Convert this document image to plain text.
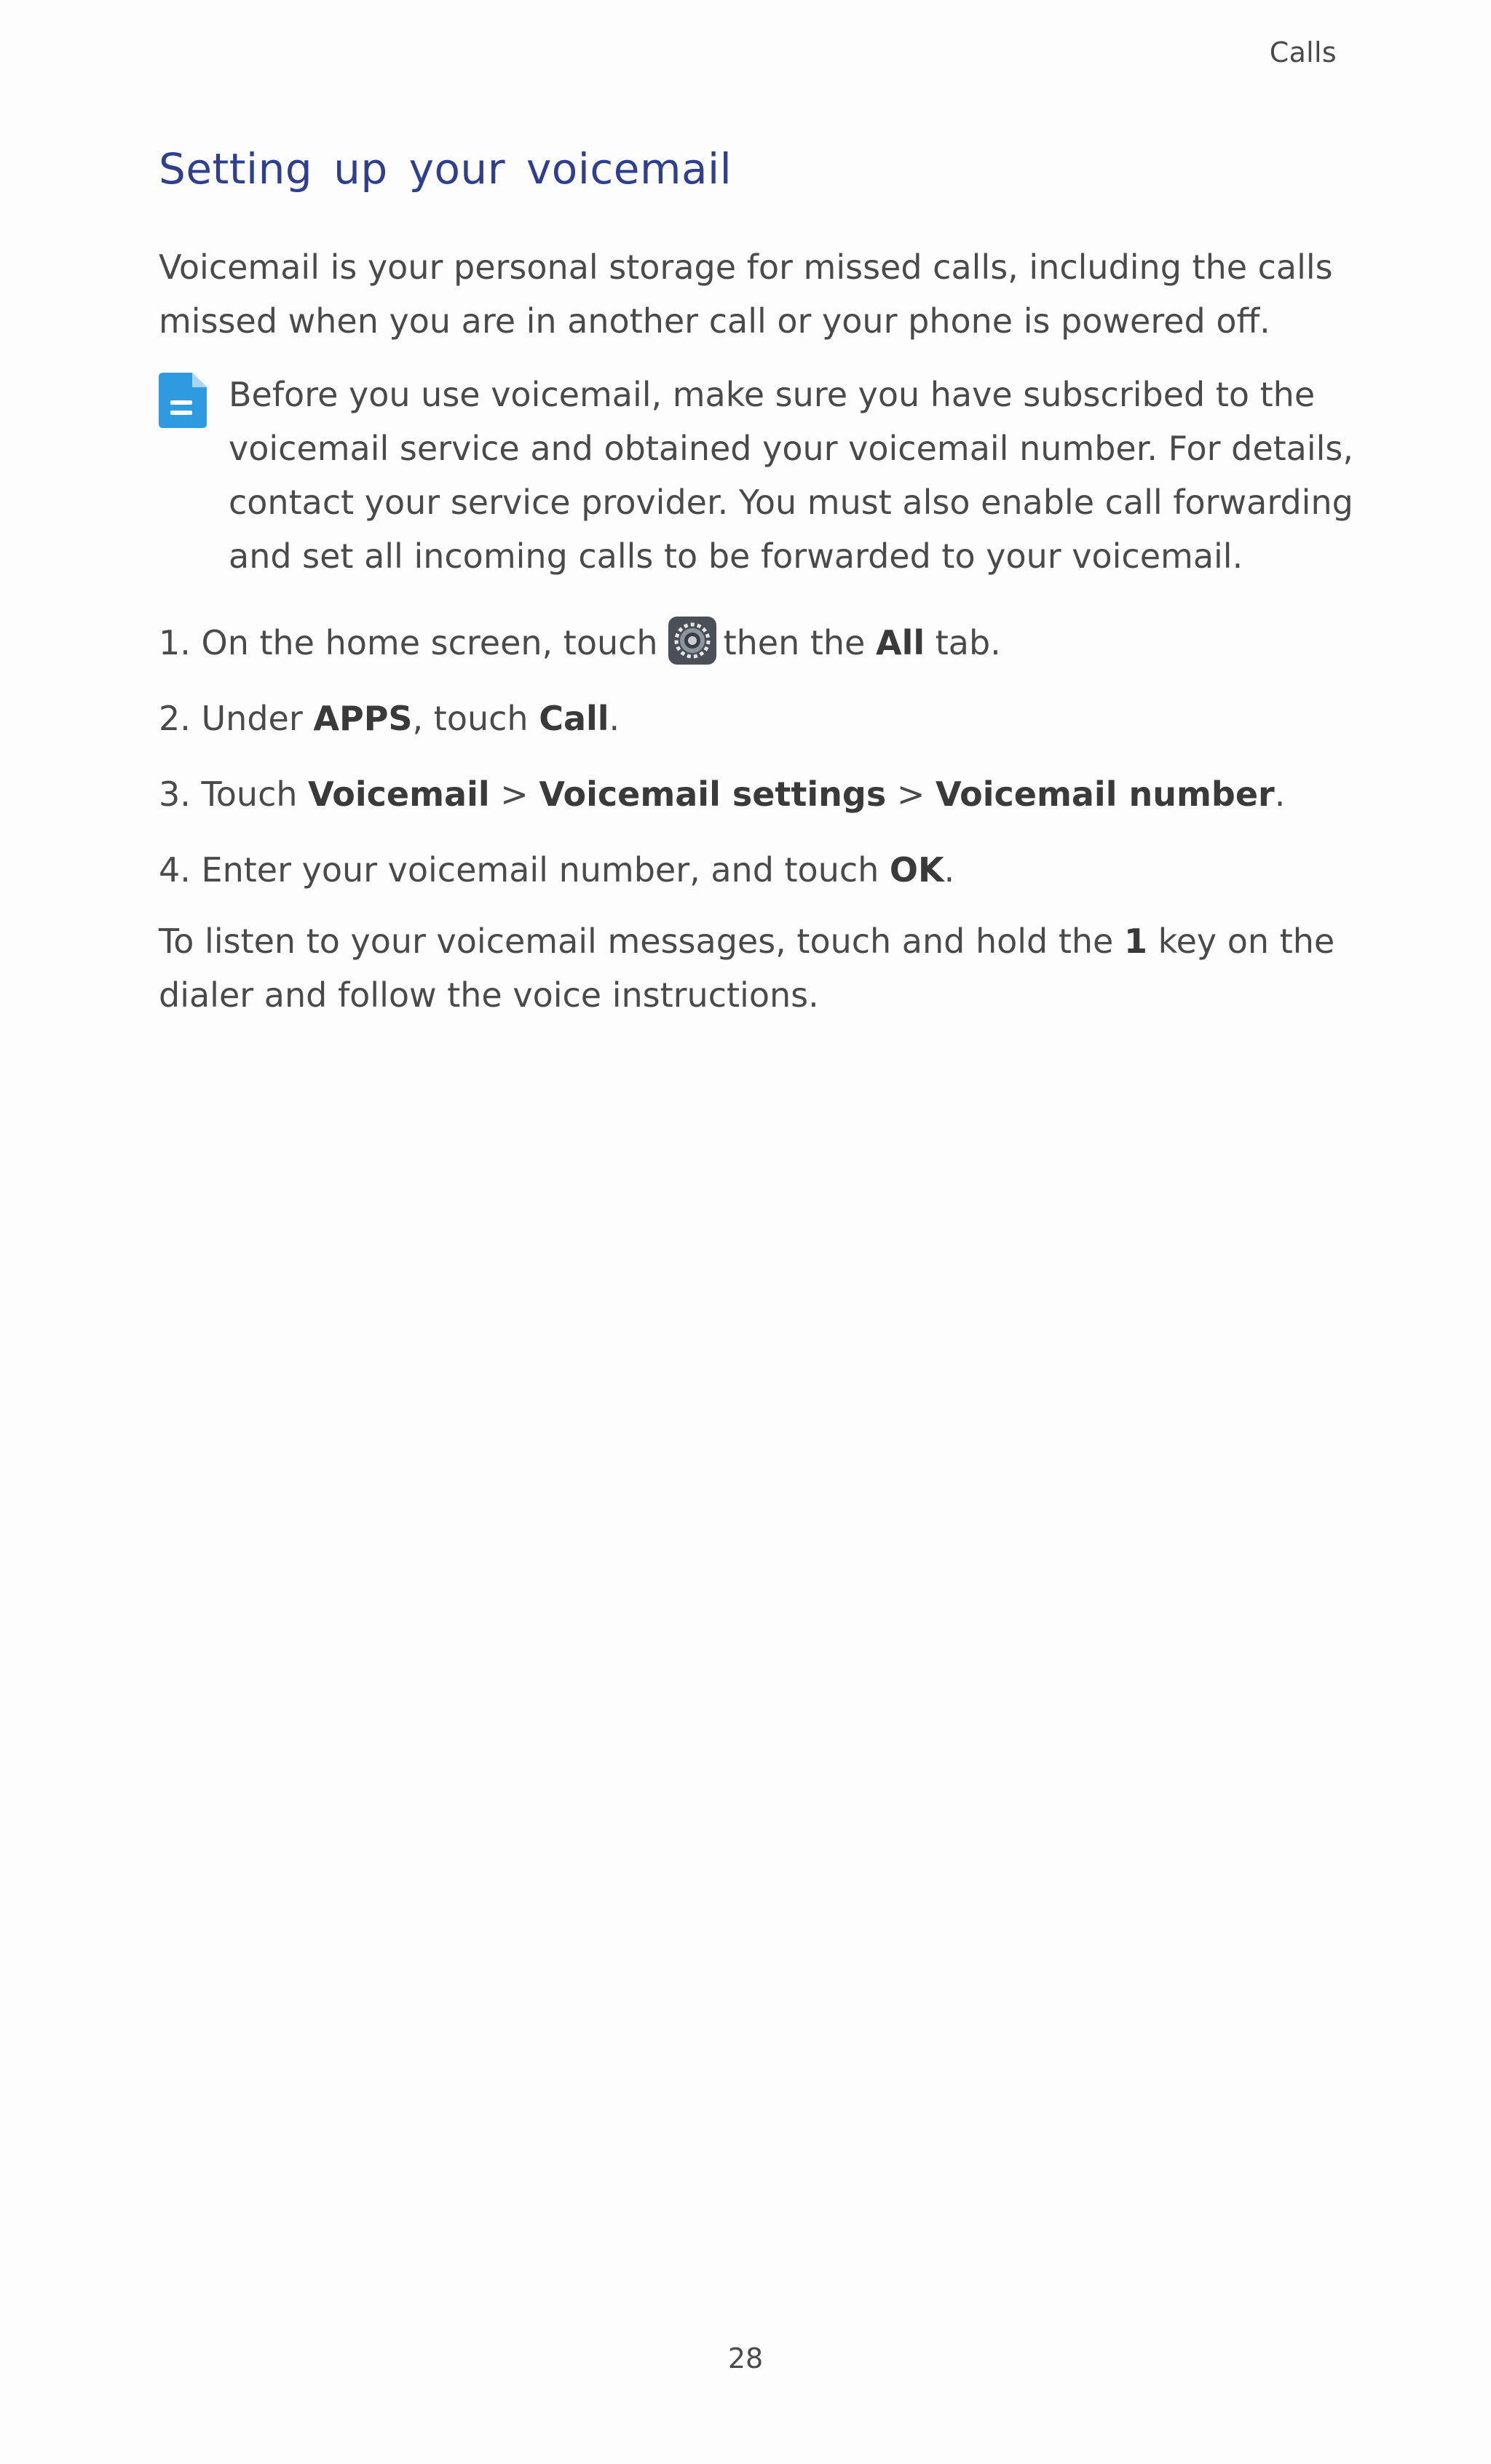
Calls
Setting up your voicemail

Voicemail is your personal storage for missed calls, including the calls missed when you are in another call or your phone is powered off.

Before you use voicemail, make sure you have subscribed to the voicemail service and obtained your voicemail number. For details, contact your service provider. You must also enable call forwarding and set all incoming calls to be forwarded to your voicemail.

1. On the home screen, touch then the All tab.

2. Under APPS, touch Call.

3. Touch Voicemail > Voicemail settings > Voicemail number.

4. Enter your voicemail number, and touch OK.

To listen to your voicemail messages, touch and hold the 1 key on the dialer and follow the voice instructions.

28
